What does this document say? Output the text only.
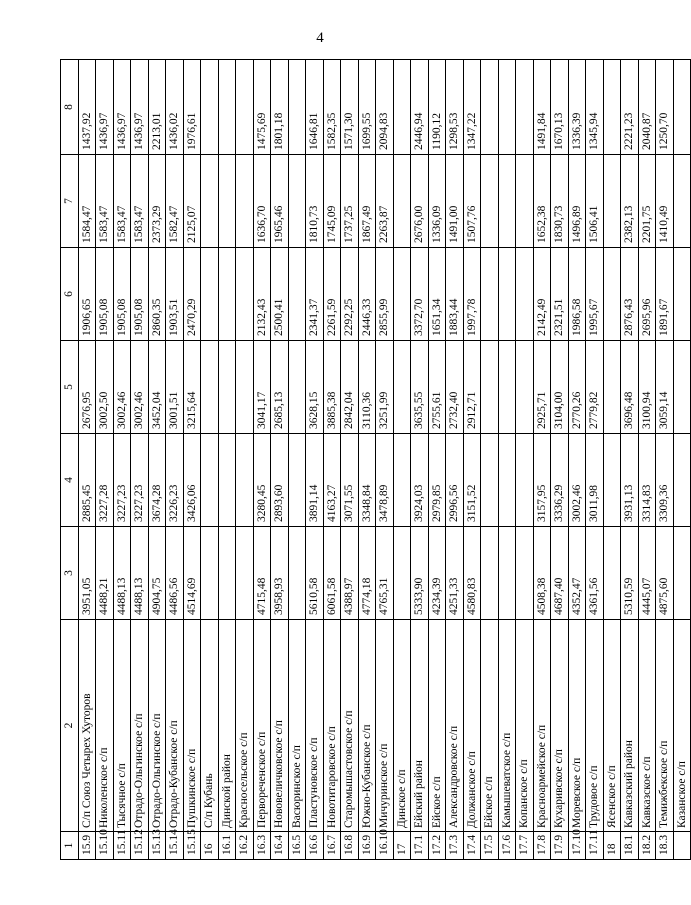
4
1	2	3	4	5	6	7	8
15.9	С/п Союз Четырех Хуторов	3951,05	2885,45	2676,95	1906,65	1584,47	1437,92
15.10	Николенское с/п	4488,21	3227,28	3002,50	1905,08	1583,47	1436,97
15.11	Тысячное с/п	4488,13	3227,23	3002,46	1905,08	1583,47	1436,97
15.12	Отрадо-Ольгинское с/п	4488,13	3227,23	3002,46	1905,08	1583,47	1436,97
15.13	Отрадо-Ольгинское с/п	4904,75	3674,28	3452,04	2860,35	2373,29	2213,01
15.14	Отрадо-Кубанское с/п	4486,56	3226,23	3001,51	1903,51	1582,47	1436,02
15.15	Пушкинское с/п	4514,69	3426,06	3215,64	2470,29	2125,07	1976,61
16	С/п Кубань						
16.1	Динской район						
16.2	Красносельское с/п						
16.3	Первореченское с/п	4715,48	3280,45	3041,17	2132,43	1636,70	1475,69
16.4	Нововеличковское с/п	3958,93	2893,60	2685,13	2500,41	1965,46	1801,18
16.5	Васюринское с/п						
16.6	Пластуновское с/п	5610,58	3891,14	3628,15	2341,37	1810,73	1646,81
16.7	Новотитаровское с/п	6061,58	4163,27	3885,38	2261,59	1745,09	1582,35
16.8	Старомышастовское с/п	4388,97	3071,55	2842,04	2292,25	1737,25	1571,30
16.9	Южно-Кубанское с/п	4774,18	3348,84	3110,36	2446,33	1867,49	1699,55
16.10	Мичуринское с/п	4765,31	3478,89	3251,99	2855,99	2263,87	2094,83
17	Динское с/п						
17.1	Ейский район	5333,90	3924,03	3635,55	3372,70	2676,00	2446,94
17.2	Ейское с/п	4234,39	2979,85	2755,61	1651,34	1336,09	1190,12
17.3	Александровское с/п	4251,33	2996,56	2732,40	1883,44	1491,00	1298,53
17.4	Должанское с/п	4580,83	3151,52	2912,71	1997,78	1507,76	1347,22
17.5	Ейское с/п						
17.6	Камышеватское с/п						
17.7	Копанское с/п						
17.8	Красноармейское с/п	4508,38	3157,95	2925,71	2142,49	1652,38	1491,84
17.9	Кухаривское с/п	4687,40	3336,29	3104,00	2321,51	1830,73	1670,13
17.10	Моревское с/п	4352,47	3002,46	2770,26	1986,58	1496,89	1336,39
17.11	Трудовое с/п	4361,56	3011,98	2779,82	1995,67	1506,41	1345,94
18	Ясенское с/п						
18.1	Кавказский район	5310,59	3931,13	3696,48	2876,43	2382,13	2221,23
18.2	Кавказское с/п	4445,07	3314,83	3100,94	2695,96	2201,75	2040,87
18.3	Темижбекское с/п	4875,60	3309,36	3059,14	1891,67	1410,49	1250,70
	Казанское с/п						
